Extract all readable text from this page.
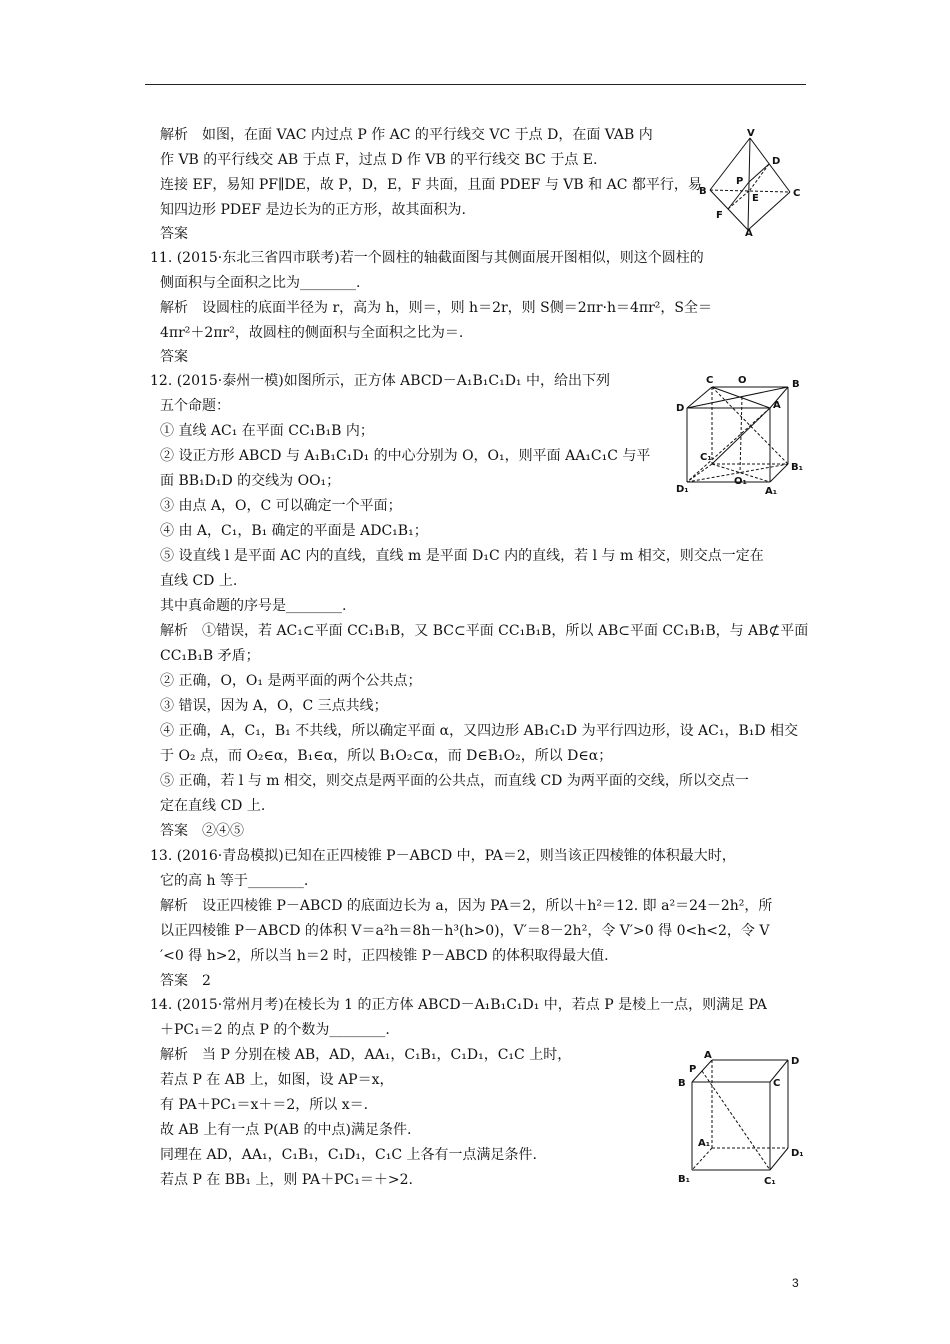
解析　如图，在面 VAC 内过点 P 作 AC 的平行线交 VC 于点 D，在面 VAB 内
作 VB 的平行线交 AB 于点 F，过点 D 作 VB 的平行线交 BC 于点 E.
连接 EF，易知 PF∥DE，故 P，D，E，F 共面，且面 PDEF 与 VB 和 AC 都平行，易
知四边形 PDEF 是边长为的正方形，故其面积为.
答案
11. (2015·东北三省四市联考)若一个圆柱的轴截面图与其侧面展开图相似，则这个圆柱的
侧面积与全面积之比为________.
解析　设圆柱的底面半径为 r，高为 h，则＝，则 h＝2r，则 S侧＝2πr·h＝4πr²，S全＝
4πr²＋2πr²，故圆柱的侧面积与全面积之比为＝.
答案
12. (2015·泰州一模)如图所示，正方体 ABCD－A₁B₁C₁D₁ 中，给出下列
五个命题：
① 直线 AC₁ 在平面 CC₁B₁B 内；
② 设正方形 ABCD 与 A₁B₁C₁D₁ 的中心分别为 O，O₁，则平面 AA₁C₁C 与平
面 BB₁D₁D 的交线为 OO₁；
③ 由点 A，O，C 可以确定一个平面；
④ 由 A，C₁，B₁ 确定的平面是 ADC₁B₁；
⑤ 设直线 l 是平面 AC 内的直线，直线 m 是平面 D₁C 内的直线，若 l 与 m 相交，则交点一定在
直线 CD 上.
其中真命题的序号是________.
解析　①错误，若 AC₁⊂平面 CC₁B₁B，又 BC⊂平面 CC₁B₁B，所以 AB⊂平面 CC₁B₁B，与 AB⊄平面
CC₁B₁B 矛盾；
② 正确，O，O₁ 是两平面的两个公共点；
③ 错误，因为 A，O，C 三点共线；
④ 正确，A，C₁，B₁ 不共线，所以确定平面 α，又四边形 AB₁C₁D 为平行四边形，设 AC₁，B₁D 相交
于 O₂ 点，而 O₂∈α，B₁∈α，所以 B₁O₂⊂α，而 D∈B₁O₂，所以 D∈α；
⑤ 正确，若 l 与 m 相交，则交点是两平面的公共点，而直线 CD 为两平面的交线，所以交点一
定在直线 CD 上.
答案　②④⑤
13. (2016·青岛模拟)已知在正四棱锥 P－ABCD 中，PA＝2，则当该正四棱锥的体积最大时，
它的高 h 等于________.
解析　设正四棱锥 P－ABCD 的底面边长为 a，因为 PA＝2，所以＋h²＝12. 即 a²＝24－2h²，所
以正四棱锥 P－ABCD 的体积 V＝a²h＝8h－h³(h>0)，V′＝8－2h²，令 V′>0 得 0<h<2，令 V
′<0 得 h>2，所以当 h＝2 时，正四棱锥 P－ABCD 的体积取得最大值.
答案　2
14. (2015·常州月考)在棱长为 1 的正方体 ABCD－A₁B₁C₁D₁ 中，若点 P 是棱上一点，则满足 PA
＋PC₁＝2 的点 P 的个数为________.
解析　当 P 分别在棱 AB，AD，AA₁，C₁B₁，C₁D₁，C₁C 上时，
若点 P 在 AB 上，如图，设 AP＝x，
有 PA＋PC₁＝x＋＝2，所以 x＝.
故 AB 上有一点 P(AB 的中点)满足条件.
同理在 AD，AA₁，C₁B₁，C₁D₁，C₁C 上各有一点满足条件.
若点 P 在 BB₁ 上，则 PA＋PC₁＝＋>2.
V
D
P
B
E	C
F
A
C O	B
D	A
C₁
B₁
D₁
O₁
A₁
A
D
P
B	C
A₁
D₁
B₁	C₁
3
